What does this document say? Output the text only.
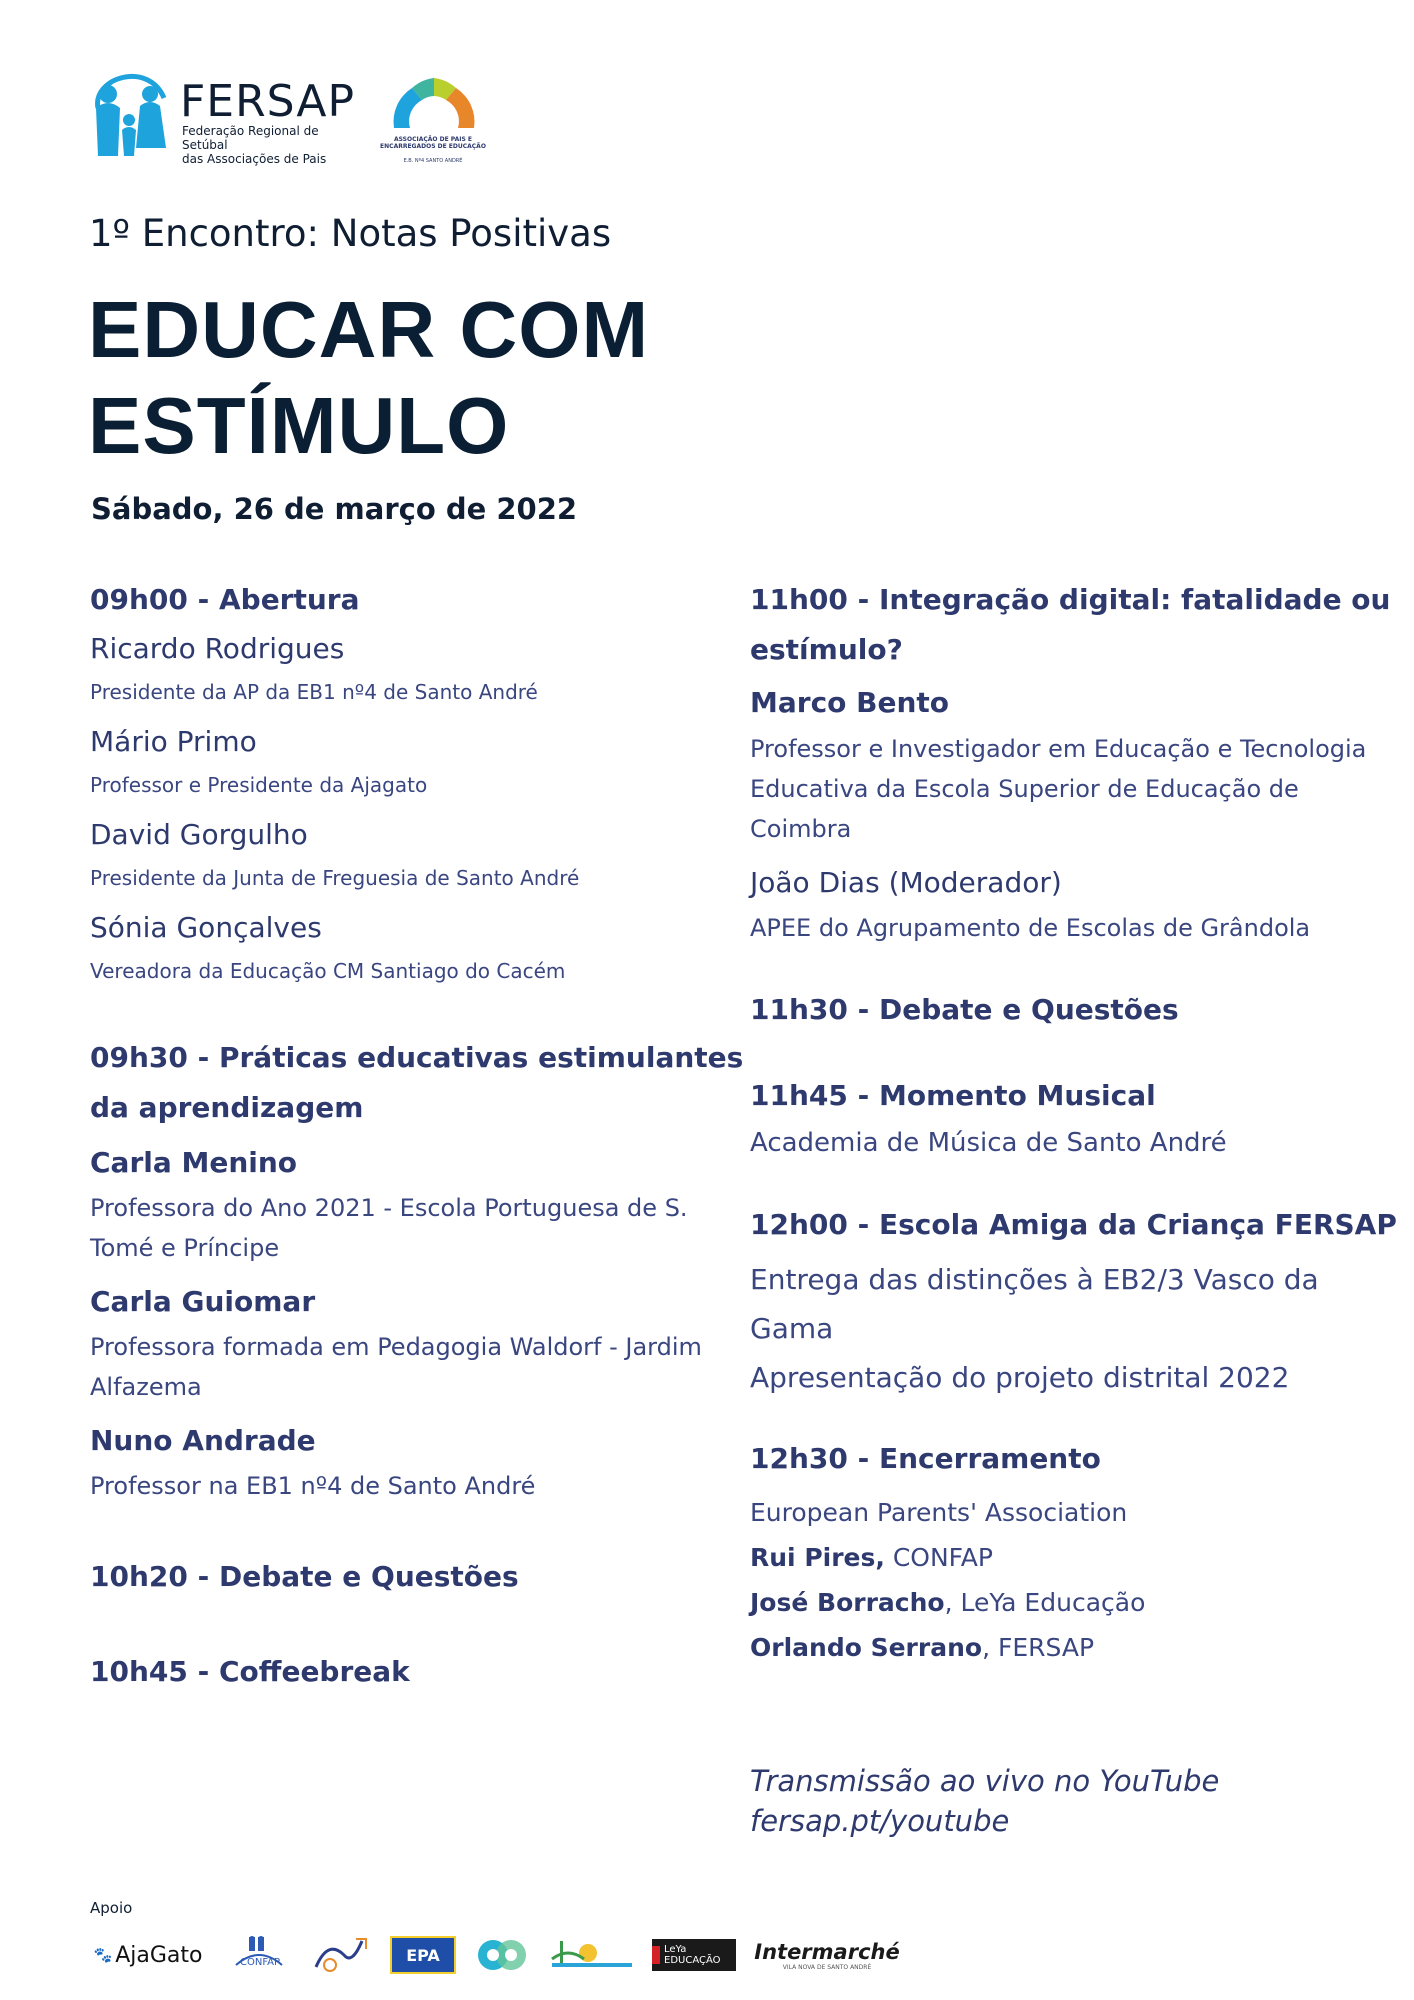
FERSAP
Federação Regional de Setúbal
das Associações de Pais
ASSOCIAÇÃO DE PAIS E
ENCARREGADOS DE EDUCAÇÃO
E.B. Nº4 SANTO ANDRÉ
1º Encontro: Notas Positivas
EDUCAR COM
ESTÍMULO
Sábado, 26 de março de 2022
09h00 - Abertura
Ricardo Rodrigues
Presidente da AP da EB1 nº4 de Santo André
Mário Primo
Professor e Presidente da Ajagato
David Gorgulho
Presidente da Junta de Freguesia de Santo André
Sónia Gonçalves
Vereadora da Educação CM Santiago do Cacém
09h30 - Práticas educativas estimulantes
da aprendizagem
Carla Menino
Professora do Ano 2021 - Escola Portuguesa de S.
Tomé e Príncipe
Carla Guiomar
Professora formada em Pedagogia Waldorf - Jardim
Alfazema
Nuno Andrade
Professor na EB1 nº4 de Santo André
10h20 - Debate e Questões
10h45 - Coffeebreak
11h00 - Integração digital: fatalidade ou
estímulo?
Marco Bento
Professor e Investigador em Educação e Tecnologia
Educativa da Escola Superior de Educação de
Coimbra
João Dias (Moderador)
APEE do Agrupamento de Escolas de Grândola
11h30 - Debate e Questões
11h45 - Momento Musical
Academia de Música de Santo André
12h00 - Escola Amiga da Criança FERSAP
Entrega das distinções à EB2/3 Vasco da
Gama
Apresentação do projeto distrital 2022
12h30 - Encerramento
European Parents' Association
Rui Pires, CONFAP
José Borracho, LeYa Educação
Orlando Serrano, FERSAP
Transmissão ao vivo no YouTube
fersap.pt/youtube
Apoio
🐾 AjaGato	CONFAP	EPA	LeYa EDUCAÇÃO	Intermarché
VILA NOVA DE SANTO ANDRÉ
